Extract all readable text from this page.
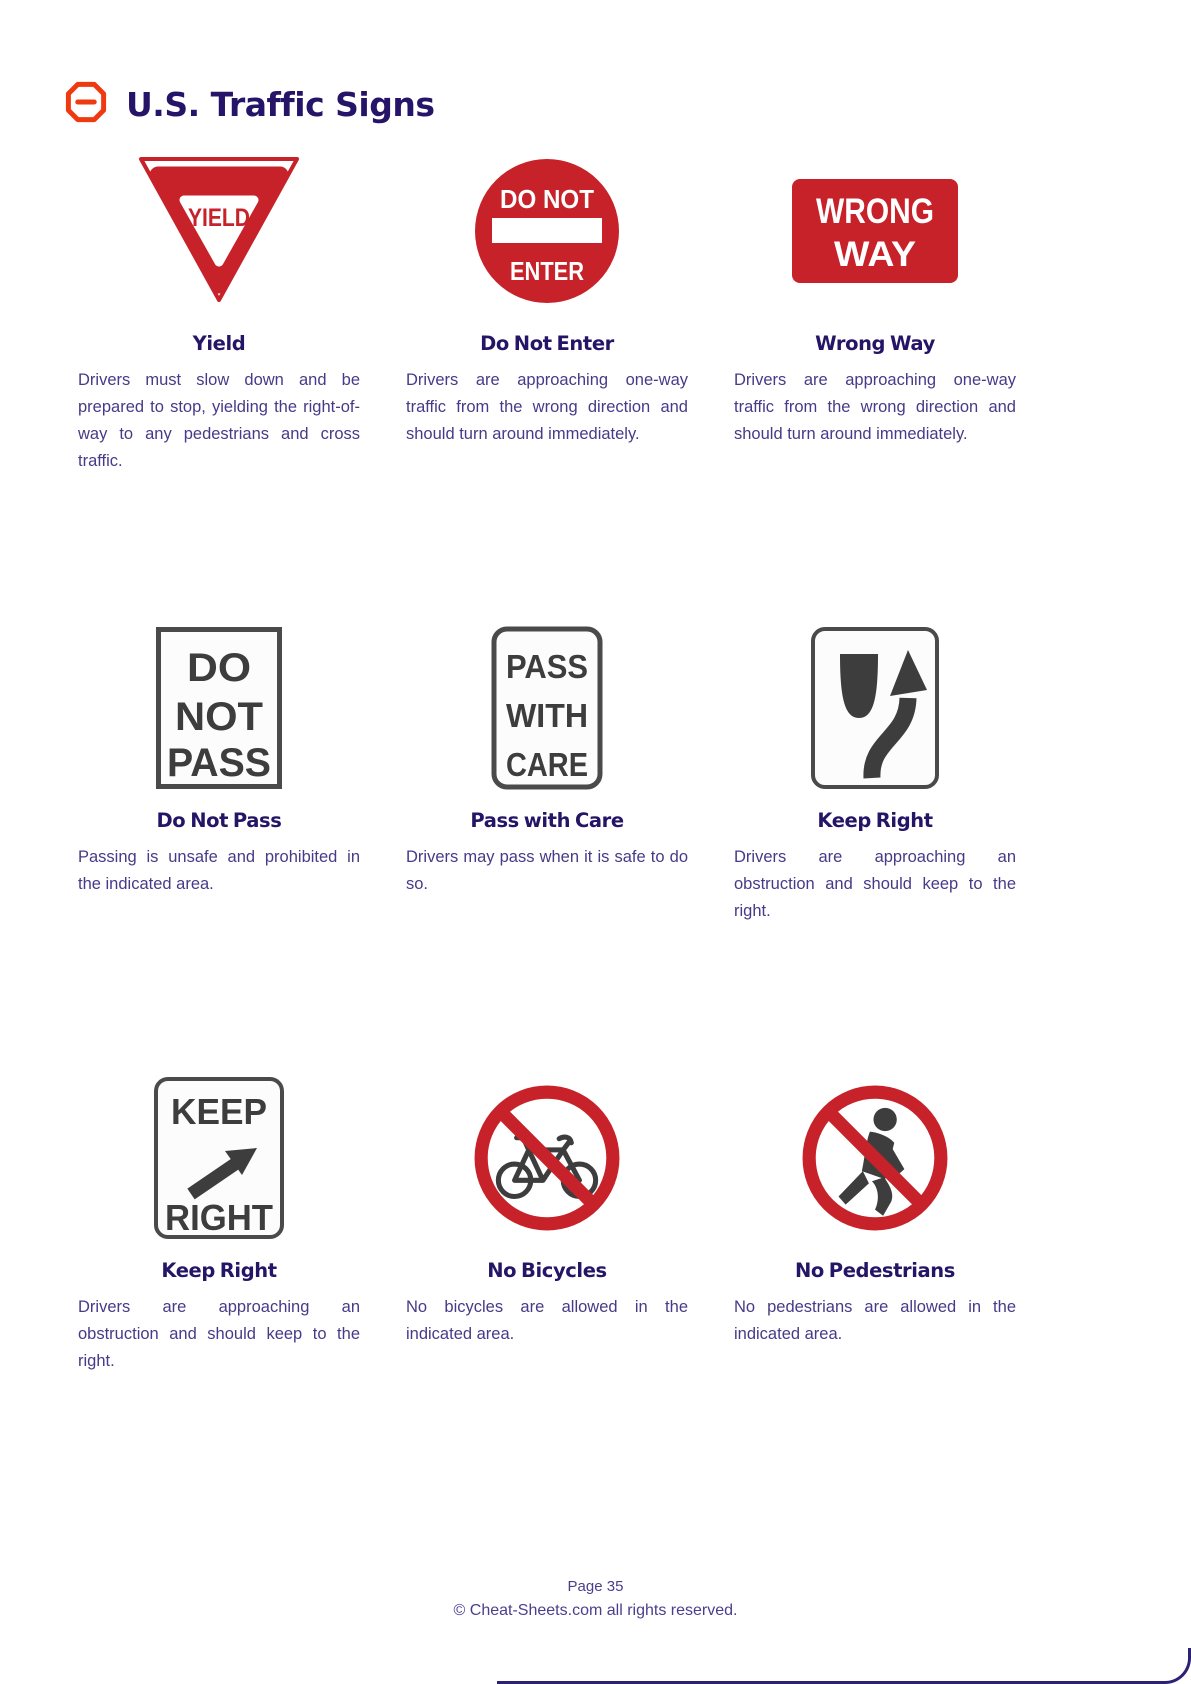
U.S. Traffic Signs
YIELD
Yield

Drivers must slow down and be prepared to stop, yielding the right-of-way to any pedestrians and cross traffic.

DO NOT
ENTER
Do Not Enter

Drivers are approaching one-way traffic from the wrong direction and should turn around immediately.

WRONG
WAY
Wrong Way

Drivers are approaching one-way traffic from the wrong direction and should turn around immediately.

DO
NOT
PASS
Do Not Pass

Passing is unsafe and prohibited in the indicated area.

PASS
WITH
CARE
Pass with Care

Drivers may pass when it is safe to do so.

Keep Right

Drivers are approaching an obstruction and should keep to the right.

KEEP
RIGHT
Keep Right

Drivers are approaching an obstruction and should keep to the right.

No Bicycles

No bicycles are allowed in the indicated area.

No Pedestrians

No pedestrians are allowed in the indicated area.

Page 35
© Cheat-Sheets.com all rights reserved.
